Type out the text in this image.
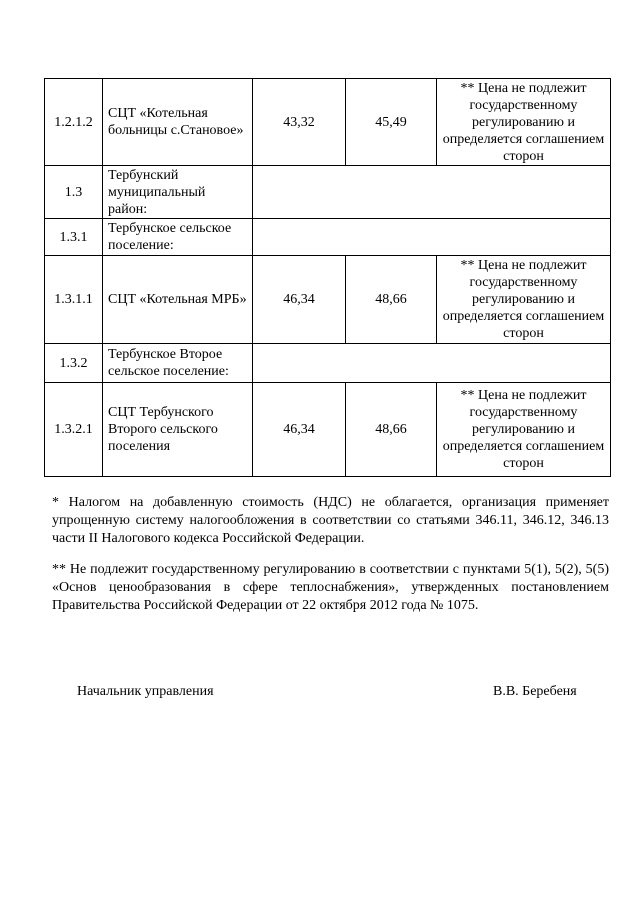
1.2.1.2	СЦТ «Котельная больницы с.Становое»	43,32	45,49	** Цена не подлежит государственному регулированию и определяется соглашением сторон
1.3	Тербунский муниципальный район:			
1.3.1	Тербунское сельское поселение:			
1.3.1.1	СЦТ «Котельная МРБ»	46,34	48,66	** Цена не подлежит государственному регулированию и определяется соглашением сторон
1.3.2	Тербунское Второе сельское поселение:			
1.3.2.1	СЦТ Тербунского Второго сельского поселения	46,34	48,66	** Цена не подлежит государственному регулированию и определяется соглашением сторон

* Налогом на добавленную стоимость (НДС) не облагается, организация применяет упрощенную систему налогообложения в соответствии со статьями 346.11, 346.12, 346.13 части II Налогового кодекса Российской Федерации.

** Не подлежит государственному регулированию в соответствии с пунктами 5(1), 5(2), 5(5) «Основ ценообразования в сфере теплоснабжения», утвержденных постановлением Правительства Российской Федерации от 22 октября 2012 года № 1075.

Начальник управления	В.В. Беребеня
